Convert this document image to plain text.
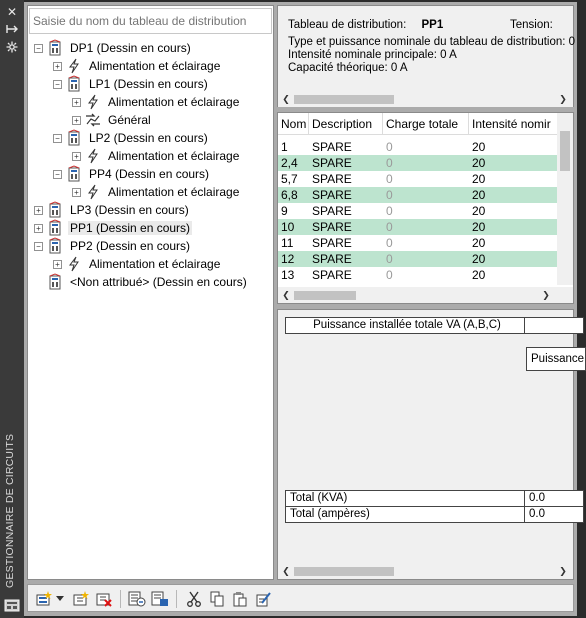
✕
GESTIONNAIRE DE CIRCUITS
Saisie du nom du tableau de distribution
− DP1 (Dessin en cours)
+ Alimentation et éclairage
− LP1 (Dessin en cours)
+ Alimentation et éclairage
+ Général
− LP2 (Dessin en cours)
+ Alimentation et éclairage
− PP4 (Dessin en cours)
+ Alimentation et éclairage
+ LP3 (Dessin en cours)
+ PP1 (Dessin en cours)
− PP2 (Dessin en cours)
+ Alimentation et éclairage
<Non attribué> (Dessin en cours)
Tableau de distribution: PP1	Tension:
Type et puissance nominale du tableau de distribution: 0
Intensité nominale principale: 0 A
Capacité théorique: 0 A
❮	❯
Nom Description	Charge totale	Intensité nomir
1	SPARE	0	20
2,4	SPARE	0	20
5,7	SPARE	0	20
6,8	SPARE	0	20
9	SPARE	0	20
10	SPARE	0	20
11	SPARE	0	20
12	SPARE	0	20
13	SPARE	0	20
❮	❯
Puissance installée totale VA (A,B,C)
Puissance
Total (KVA)	0.0
Total (ampères)	0.0
❮	❯
